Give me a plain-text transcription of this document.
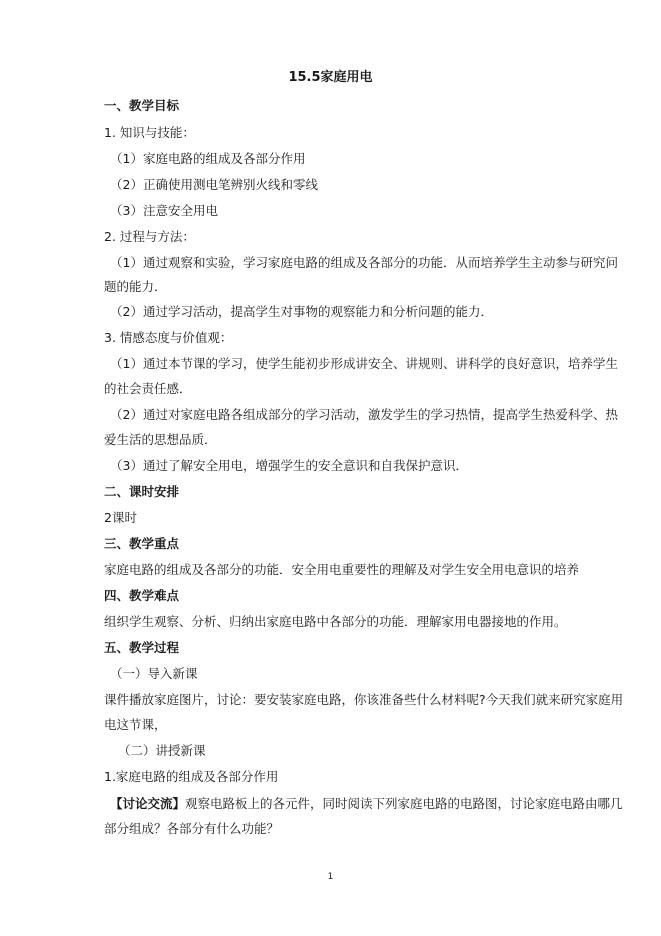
15.5家庭用电
一、教学目标
1. 知识与技能：
（1）家庭电路的组成及各部分作用
（2）正确使用测电笔辨别火线和零线
（3）注意安全用电
2. 过程与方法：
（1）通过观察和实验，学习家庭电路的组成及各部分的功能．从而培养学生主动参与研究问
题的能力．
（2）通过学习活动，提高学生对事物的观察能力和分析问题的能力．
3. 情感态度与价值观：
（1）通过本节课的学习，使学生能初步形成讲安全、讲规则、讲科学的良好意识，培养学生
的社会责任感．
（2）通过对家庭电路各组成部分的学习活动，激发学生的学习热情，提高学生热爱科学、热
爱生活的思想品质．
（3）通过了解安全用电，增强学生的安全意识和自我保护意识．
二、课时安排
2课时
三、教学重点
家庭电路的组成及各部分的功能．安全用电重要性的理解及对学生安全用电意识的培养
四、教学难点
组织学生观察、分析、归纳出家庭电路中各部分的功能．理解家用电器接地的作用。
五、教学过程
（一）导入新课
课件播放家庭图片，讨论：要安装家庭电路，你该准备些什么材料呢?今天我们就来研究家庭用
电这节课，
（二）讲授新课
1.家庭电路的组成及各部分作用
【讨论交流】观察电路板上的各元件，同时阅读下列家庭电路的电路图，讨论家庭电路由哪几
部分组成？各部分有什么功能？
1
